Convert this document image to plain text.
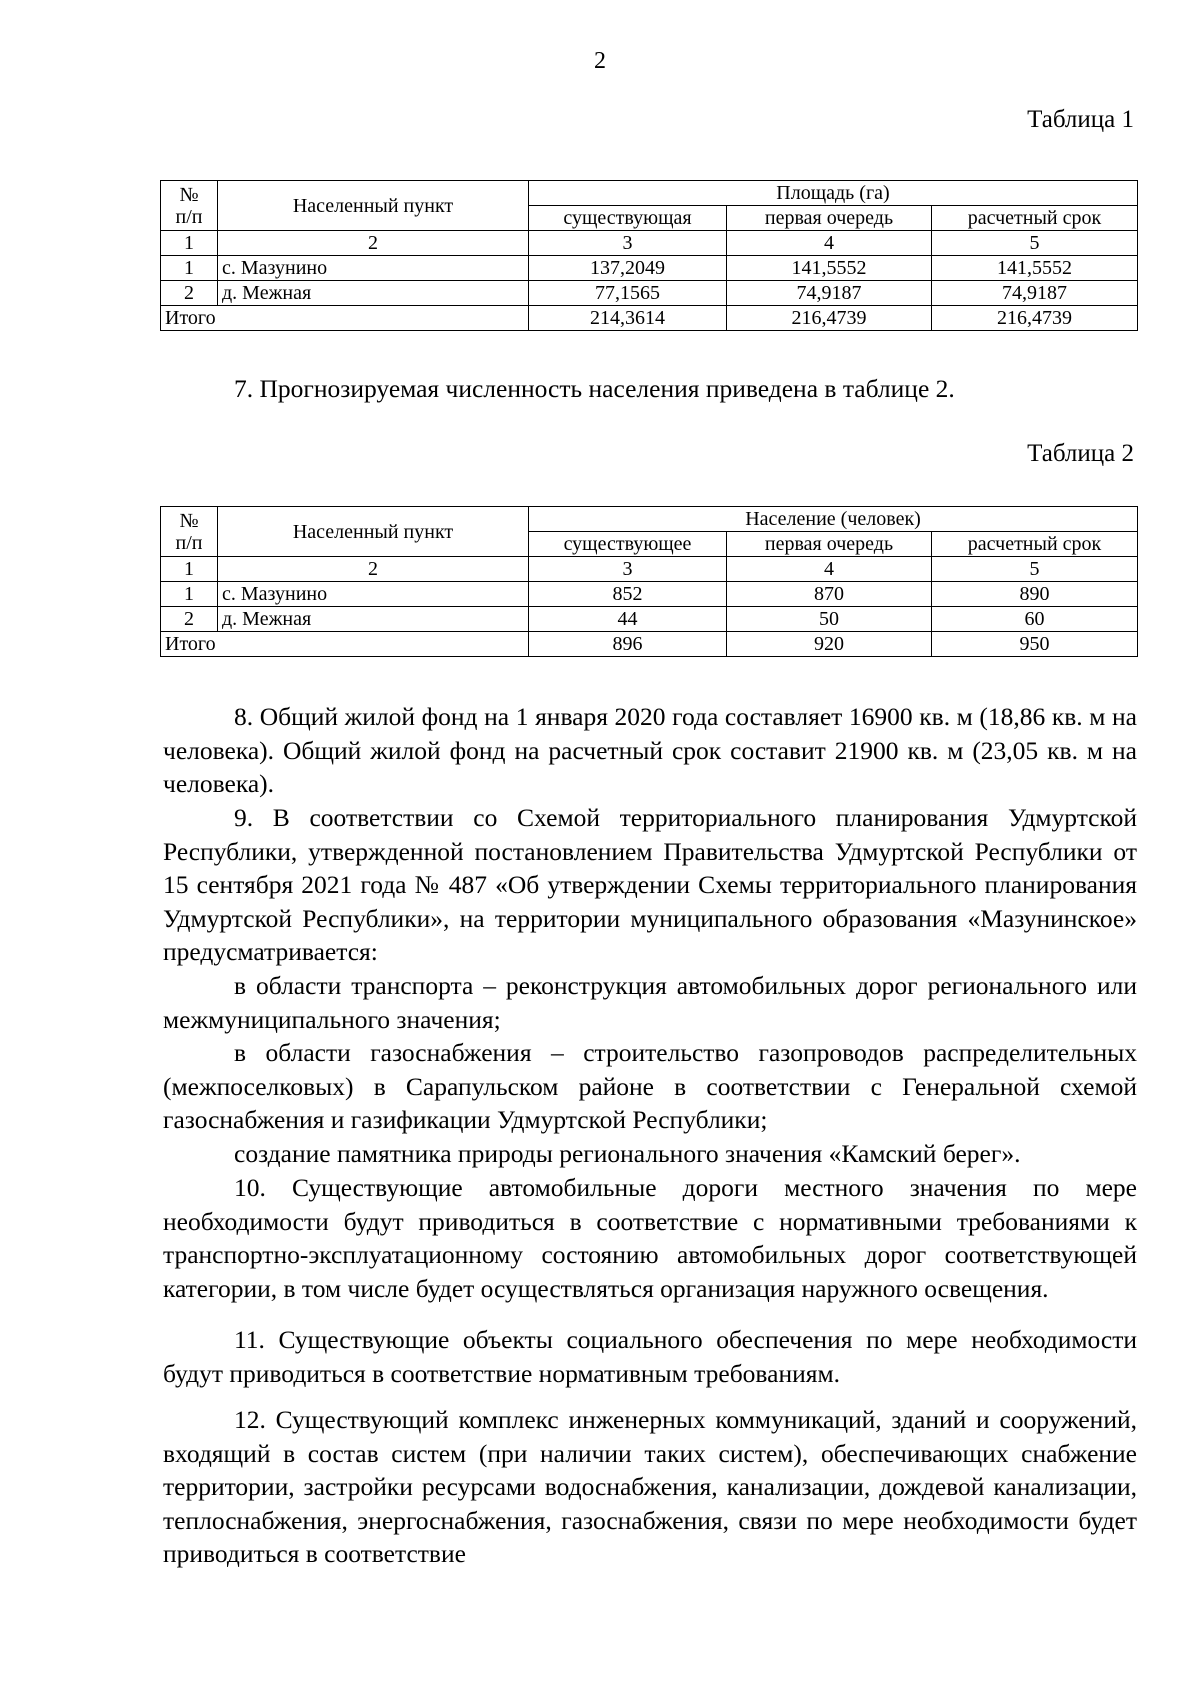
2
Таблица 1
№
п/п	Населенный пункт	Площадь (га)		
		существующая	первая очередь	расчетный срок
1	2	3	4	5
1	с. Мазунино	137,2049	141,5552	141,5552
2	д. Межная	77,1565	74,9187	74,9187
Итого		214,3614	216,4739	216,4739

7. Прогнозируемая численность населения приведена в таблице 2.

Таблица 2
№
п/п	Населенный пункт	Население (человек)		
		существующее	первая очередь	расчетный срок
1	2	3	4	5
1	с. Мазунино	852	870	890
2	д. Межная	44	50	60
Итого		896	920	950

8. Общий жилой фонд на 1 января 2020 года составляет 16900 кв. м (18,86 кв. м на человека). Общий жилой фонд на расчетный срок составит 21900 кв. м (23,05 кв. м на человека).

9. В соответствии со Схемой территориального планирования Удмуртской Республики, утвержденной постановлением Правительства Удмуртской Республики от 15 сентября 2021 года № 487 «Об утверждении Схемы территориального планирования Удмуртской Республики», на территории муниципального образования «Мазунинское» предусматривается:

в области транспорта – реконструкция автомобильных дорог регионального или межмуниципального значения;

в области газоснабжения – строительство газопроводов распределительных (межпоселковых) в Сарапульском районе в соответствии с Генеральной схемой газоснабжения и газификации Удмуртской Республики;

создание памятника природы регионального значения «Камский берег».

10. Существующие автомобильные дороги местного значения по мере необходимости будут приводиться в соответствие с нормативными требованиями к транспортно-эксплуатационному состоянию автомобильных дорог соответствующей категории, в том числе будет осуществляться организация наружного освещения.

11. Существующие объекты социального обеспечения по мере необходимости будут приводиться в соответствие нормативным требованиям.

12. Существующий комплекс инженерных коммуникаций, зданий и сооружений, входящий в состав систем (при наличии таких систем), обеспечивающих снабжение территории, застройки ресурсами водоснабжения, канализации, дождевой канализации, теплоснабжения, энергоснабжения, газоснабжения, связи по мере необходимости будет приводиться в соответствие
